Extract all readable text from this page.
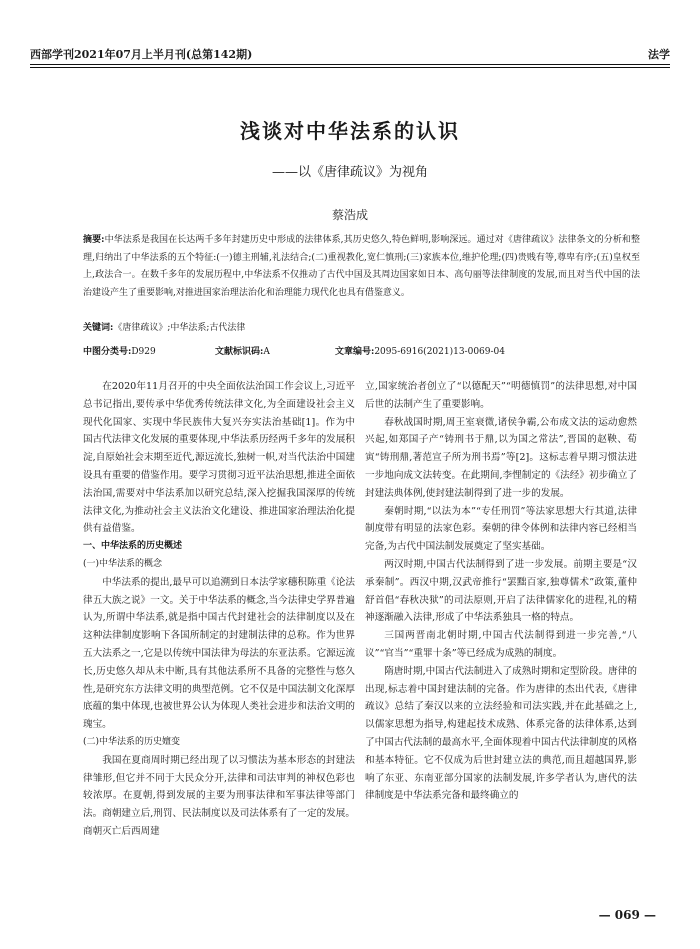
西部学刊2021年07月上半月刊(总第142期)	法学
浅谈对中华法系的认识
——以《唐律疏议》为视角
蔡浩成
摘要:中华法系是我国在长达两千多年封建历史中形成的法律体系,其历史悠久,特色鲜明,影响深远。通过对《唐律疏议》法律条文的分析和整理,归纳出了中华法系的五个特征:(一)德主刑辅,礼法结合;(二)重视教化,宽仁慎刑;(三)家族本位,维护伦理;(四)贵贱有等,尊卑有序;(五)皇权至上,政法合一。在数千多年的发展历程中,中华法系不仅推动了古代中国及其周边国家如日本、高句丽等法律制度的发展,而且对当代中国的法治建设产生了重要影响,对推进国家治理法治化和治理能力现代化也具有借鉴意义。
关键词:《唐律疏议》;中华法系;古代法律
中图分类号:D929	文献标识码:A	文章编号:2095-6916(2021)13-0069-04

在2020年11月召开的中央全面依法治国工作会议上,习近平总书记指出,要传承中华优秀传统法律文化,为全面建设社会主义现代化国家、实现中华民族伟大复兴夯实法治基础[1]。作为中国古代法律文化发展的重要体现,中华法系历经两千多年的发展积淀,自原始社会末期至近代,源远流长,独树一帜,对当代法治中国建设具有重要的借鉴作用。要学习贯彻习近平法治思想,推进全面依法治国,需要对中华法系加以研究总结,深入挖掘我国深厚的传统法律文化,为推动社会主义法治文化建设、推进国家治理法治化提供有益借鉴。

一、中华法系的历史概述
(一)中华法系的概念

中华法系的提出,最早可以追溯到日本法学家穗积陈重《论法律五大族之说》一文。关于中华法系的概念,当今法律史学界普遍认为,所谓中华法系,就是指中国古代封建社会的法律制度以及在这种法律制度影响下各国所制定的封建制法律的总称。作为世界五大法系之一,它是以传统中国法律为母法的东亚法系。它源远流长,历史悠久却从未中断,具有其他法系所不具备的完整性与悠久性,是研究东方法律文明的典型范例。它不仅是中国法制文化深厚底蕴的集中体现,也被世界公认为体现人类社会进步和法治文明的瑰宝。

(二)中华法系的历史嬗变

我国在夏商周时期已经出现了以习惯法为基本形态的封建法律雏形,但它并不同于大民众分开,法律和司法审判的神权色彩也较浓厚。在夏朝,得到发展的主要为刑事法律和军事法律等部门法。商朝建立后,刑罚、民法制度以及司法体系有了一定的发展。商朝灭亡后西周建

立,国家统治者创立了“以德配天”“明德慎罚”的法律思想,对中国后世的法制产生了重要影响。

春秋战国时期,周王室衰微,诸侯争霸,公布成文法的运动愈然兴起,如郑国子产“铸刑书于鼎,以为国之常法”,晋国的赵鞅、荀寅“铸刑鼎,著范宣子所为刑书焉”等[2]。这标志着早期习惯法进一步地向成文法转变。在此期间,李悝制定的《法经》初步确立了封建法典体例,使封建法制得到了进一步的发展。

秦朝时期,“以法为本”“专任刑罚”等法家思想大行其道,法律制度带有明显的法家色彩。秦朝的律令体例和法律内容已经相当完备,为古代中国法制发展奠定了坚实基础。

两汉时期,中国古代法制得到了进一步发展。前期主要是“汉承秦制”。西汉中期,汉武帝推行“罢黜百家,独尊儒术”政策,董仲舒首倡“春秋决狱”的司法原则,开启了法律儒家化的进程,礼的精神逐渐融入法律,形成了中华法系独具一格的特点。

三国两晋南北朝时期,中国古代法制得到进一步完善,“八议”“官当”“重罪十条”等已经成为成熟的制度。

隋唐时期,中国古代法制进入了成熟时期和定型阶段。唐律的出现,标志着中国封建法制的完备。作为唐律的杰出代表,《唐律疏议》总结了秦汉以来的立法经验和司法实践,并在此基础之上,以儒家思想为指导,构建起技术成熟、体系完备的法律体系,达到了中国古代法制的最高水平,全面体现着中国古代法律制度的风格和基本特征。它不仅成为后世封建立法的典范,而且超越国界,影响了东亚、东南亚部分国家的法制发展,许多学者认为,唐代的法律制度是中华法系完备和最终确立的

— 069 —
